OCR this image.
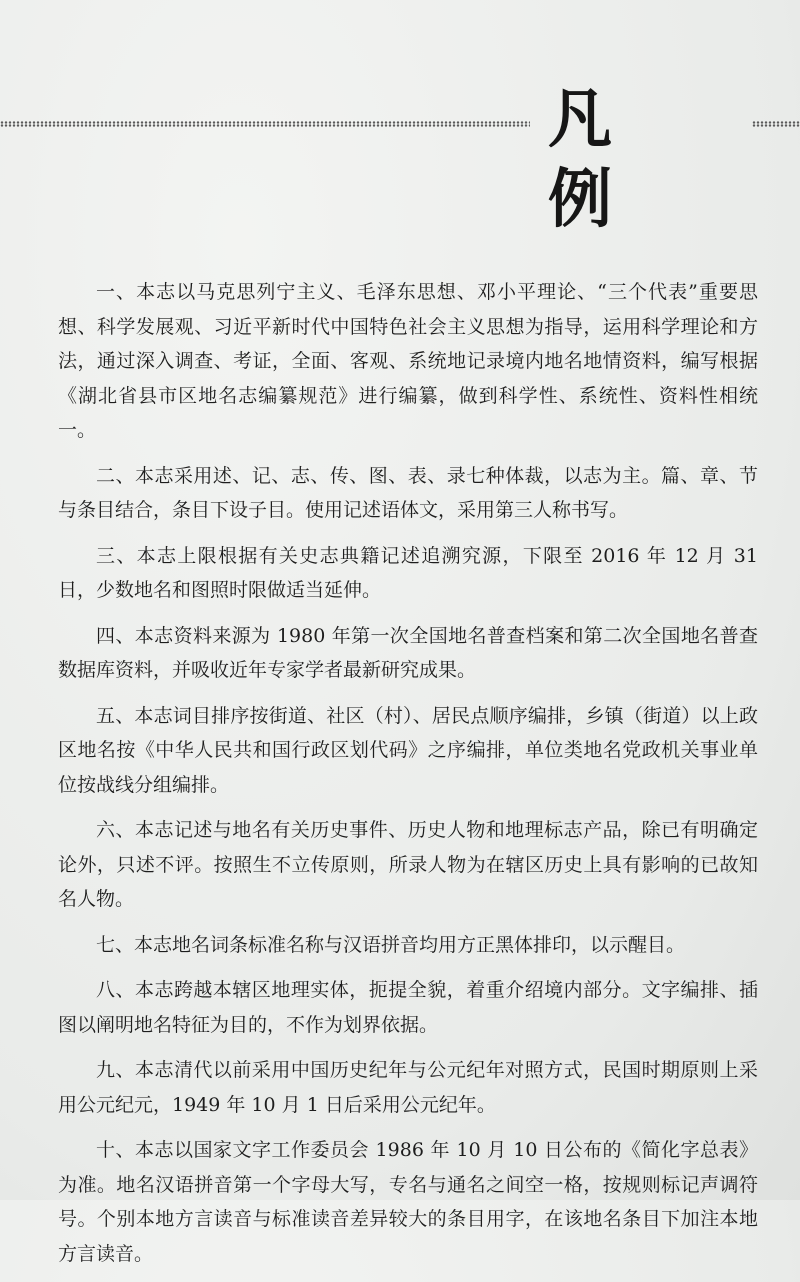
凡 例

一、本志以马克思列宁主义、毛泽东思想、邓小平理论、“三个代表”重要思想、科学发展观、习近平新时代中国特色社会主义思想为指导，运用科学理论和方法，通过深入调查、考证，全面、客观、系统地记录境内地名地情资料，编写根据《湖北省县市区地名志编纂规范》进行编纂，做到科学性、系统性、资料性相统一。

二、本志采用述、记、志、传、图、表、录七种体裁，以志为主。篇、章、节与条目结合，条目下设子目。使用记述语体文，采用第三人称书写。

三、本志上限根据有关史志典籍记述追溯究源，下限至 2016 年 12 月 31 日，少数地名和图照时限做适当延伸。

四、本志资料来源为 1980 年第一次全国地名普查档案和第二次全国地名普查数据库资料，并吸收近年专家学者最新研究成果。

五、本志词目排序按街道、社区（村）、居民点顺序编排，乡镇（街道）以上政区地名按《中华人民共和国行政区划代码》之序编排，单位类地名党政机关事业单位按战线分组编排。

六、本志记述与地名有关历史事件、历史人物和地理标志产品，除已有明确定论外，只述不评。按照生不立传原则，所录人物为在辖区历史上具有影响的已故知名人物。

七、本志地名词条标准名称与汉语拼音均用方正黑体排印，以示醒目。

八、本志跨越本辖区地理实体，扼提全貌，着重介绍境内部分。文字编排、插图以阐明地名特征为目的，不作为划界依据。

九、本志清代以前采用中国历史纪年与公元纪年对照方式，民国时期原则上采用公元纪元，1949 年 10 月 1 日后采用公元纪年。

十、本志以国家文字工作委员会 1986 年 10 月 10 日公布的《简化字总表》为准。地名汉语拼音第一个字母大写，专名与通名之间空一格，按规则标记声调符号。个别本地方言读音与标准读音差异较大的条目用字，在该地名条目下加注本地方言读音。
